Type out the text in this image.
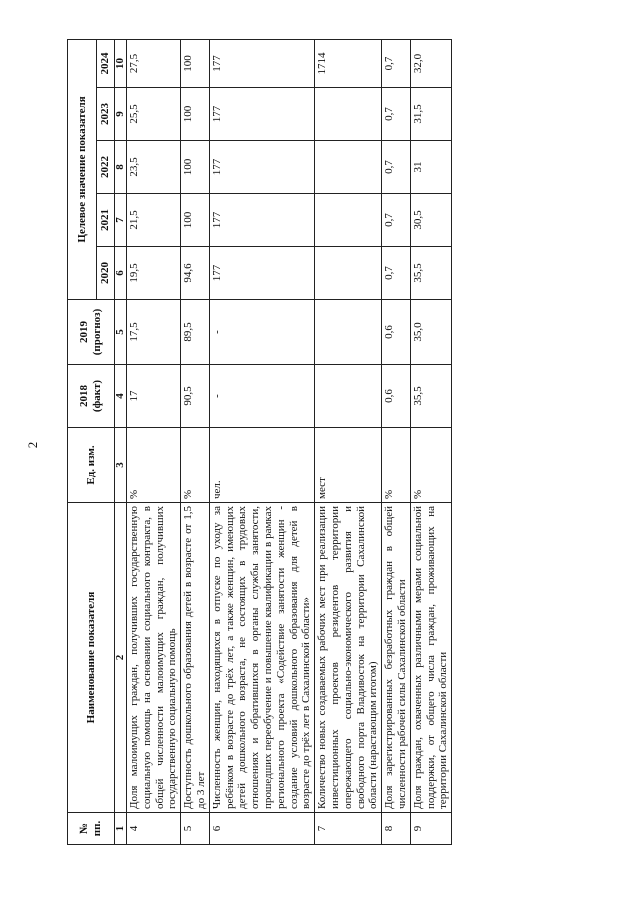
2
№ пп.	Наименование показателя	Ед. изм.	2018 (факт)	2019 (прогноз)	Целевое значение показателя				
					2020	2021	2022	2023	2024
1	2	3	4	5	6	7	8	9	10
4	Доля малоимущих граждан, получивших государственную социальную помощь на основании социального контракта, в общей численности малоимущих граждан, получивших государственную социальную помощь	%	17	17,5	19,5	21,5	23,5	25,5	27,5
5	Доступность дошкольного образования детей в возрасте от 1,5 до 3 лет	%	90,5	89,5	94,6	100	100	100	100
6	Численность женщин, находящихся в отпуске по уходу за ребёнком в возрасте до трёх лет, а также женщин, имеющих детей дошкольного возраста, не состоящих в трудовых отношениях и обратившихся в органы службы занятости, прошедших переобучение и повышение квалификации в рамках регионального проекта «Содействие занятости женщин - создание условий дошкольного образования для детей в возрасте до трёх лет в Сахалинской области»	чел.	-	-	177	177	177	177	177
7	Количество новых создаваемых рабочих мест при реализации инвестиционных проектов резидентов территории опережающего социально-экономического развития и свободного порта Владивосток на территории Сахалинской области (нарастающим итогом)	мест							1714
8	Доля зарегистрированных безработных граждан в общей численности рабочей силы Сахалинской области	%	0,6	0,6	0,7	0,7	0,7	0,7	0,7
9	Доля граждан, охваченных различными мерами социальной поддержки, от общего числа граждан, проживающих на территории Сахалинской области	%	35,5	35,0	35,5	30,5	31	31,5	32,0
